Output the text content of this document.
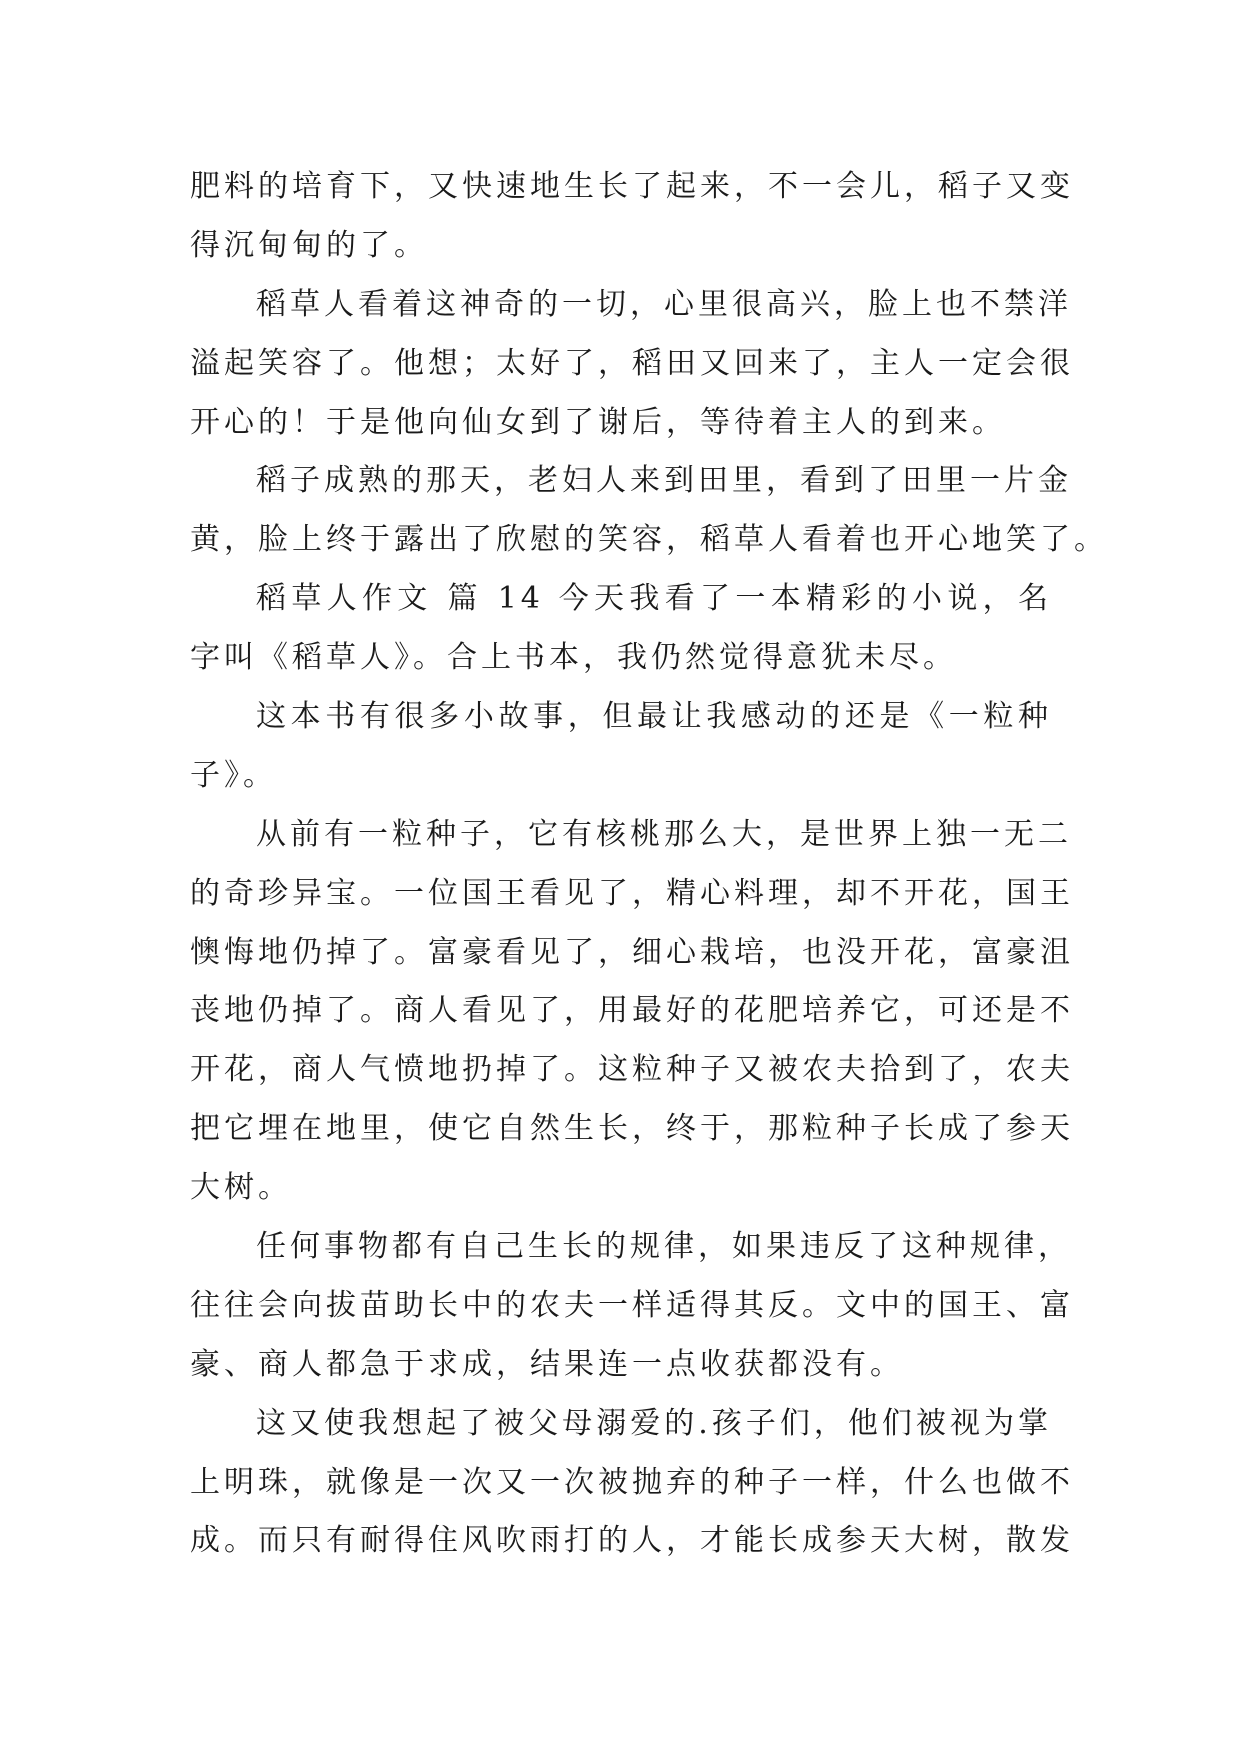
肥料的培育下，又快速地生长了起来，不一会儿，稻子又变
得沉甸甸的了。
稻草人看着这神奇的一切，心里很高兴，脸上也不禁洋
溢起笑容了。他想；太好了，稻田又回来了，主人一定会很
开心的！于是他向仙女到了谢后，等待着主人的到来。
稻子成熟的那天，老妇人来到田里，看到了田里一片金
黄，脸上终于露出了欣慰的笑容，稻草人看着也开心地笑了。
稻草人作文 篇 14 今天我看了一本精彩的小说，名
字叫《稻草人》。合上书本，我仍然觉得意犹未尽。
这本书有很多小故事，但最让我感动的还是《一粒种
子》。
从前有一粒种子，它有核桃那么大，是世界上独一无二
的奇珍异宝。一位国王看见了，精心料理，却不开花，国王
懊悔地仍掉了。富豪看见了，细心栽培，也没开花，富豪沮
丧地仍掉了。商人看见了，用最好的花肥培养它，可还是不
开花，商人气愤地扔掉了。这粒种子又被农夫拾到了，农夫
把它埋在地里，使它自然生长，终于，那粒种子长成了参天
大树。
任何事物都有自己生长的规律，如果违反了这种规律，
往往会向拔苗助长中的农夫一样适得其反。文中的国王、富
豪、商人都急于求成，结果连一点收获都没有。
这又使我想起了被父母溺爱的.孩子们，他们被视为掌
上明珠，就像是一次又一次被抛弃的种子一样，什么也做不
成。而只有耐得住风吹雨打的人，才能长成参天大树，散发
